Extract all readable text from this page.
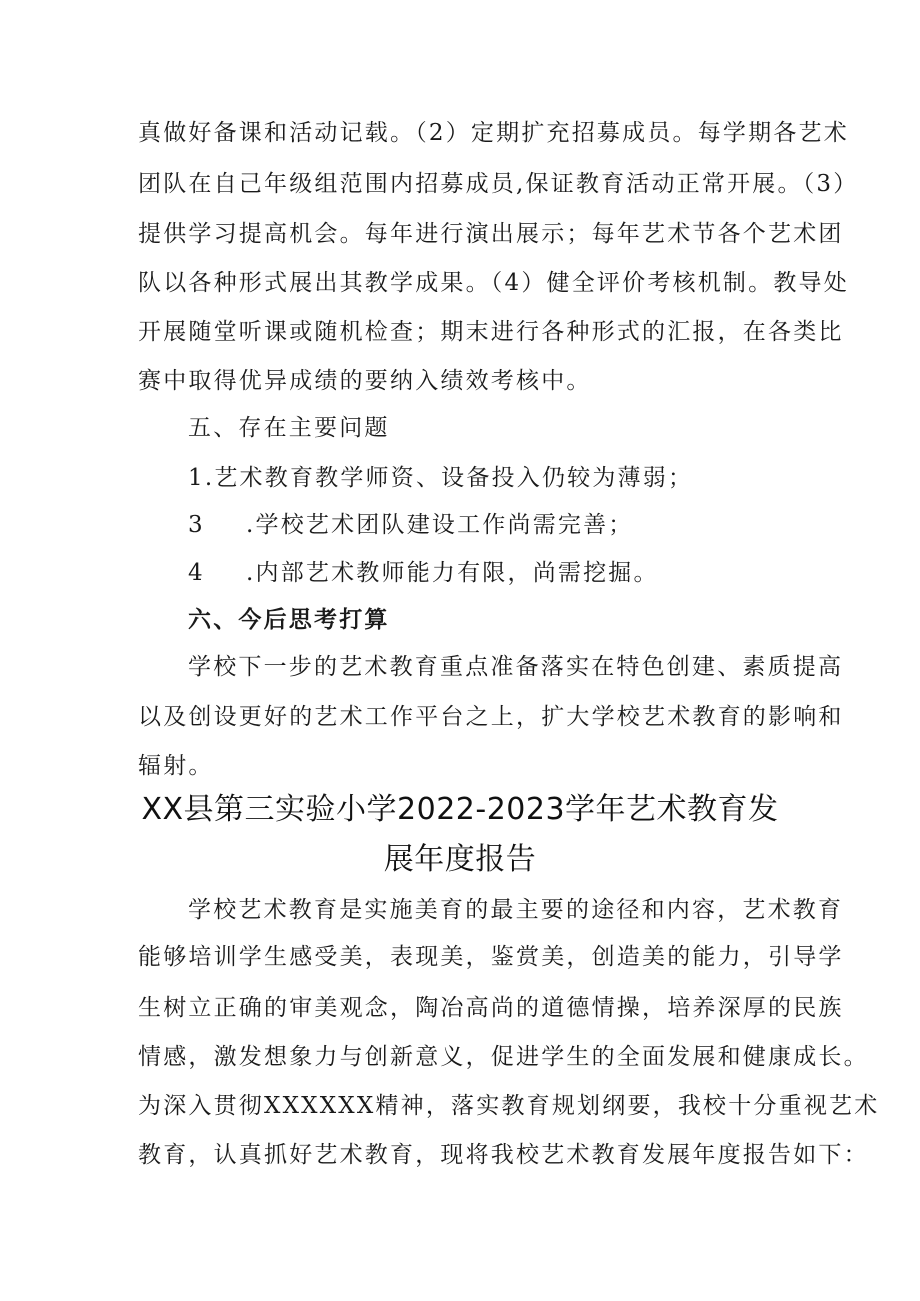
真做好备课和活动记载。（2）定期扩充招募成员。每学期各艺术
团队在自己年级组范围内招募成员,保证教育活动正常开展。（3）
提供学习提高机会。每年进行演出展示；每年艺术节各个艺术团
队以各种形式展出其教学成果。（4）健全评价考核机制。教导处
开展随堂听课或随机检查；期末进行各种形式的汇报，在各类比
赛中取得优异成绩的要纳入绩效考核中。
五、存在主要问题
1.艺术教育教学师资、设备投入仍较为薄弱；
3 .学校艺术团队建设工作尚需完善；
4 .内部艺术教师能力有限，尚需挖掘。
六、今后思考打算
学校下一步的艺术教育重点准备落实在特色创建、素质提高
以及创设更好的艺术工作平台之上，扩大学校艺术教育的影响和
辐射。
XX县第三实验小学2022-2023学年艺术教育发
展年度报告
学校艺术教育是实施美育的最主要的途径和内容，艺术教育
能够培训学生感受美，表现美，鉴赏美，创造美的能力，引导学
生树立正确的审美观念，陶冶高尚的道德情操，培养深厚的民族
情感，激发想象力与创新意义，促进学生的全面发展和健康成长。
为深入贯彻XXXXXX精神，落实教育规划纲要，我校十分重视艺术
教育，认真抓好艺术教育，现将我校艺术教育发展年度报告如下：
